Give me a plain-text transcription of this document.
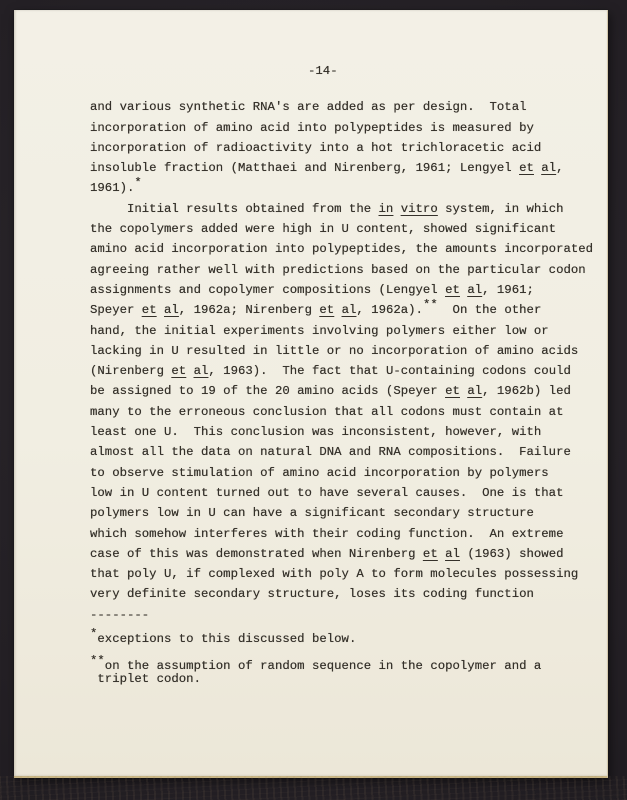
-14-
and various synthetic RNA's are added as per design.  Total
incorporation of amino acid into polypeptides is measured by
incorporation of radioactivity into a hot trichloracetic acid
insoluble fraction (Matthaei and Nirenberg, 1961; Lengyel et al,
1961).*
Initial results obtained from the in vitro system, in which
the copolymers added were high in U content, showed significant
amino acid incorporation into polypeptides, the amounts incorporated
agreeing rather well with predictions based on the particular codon
assignments and copolymer compositions (Lengyel et al, 1961;
Speyer et al, 1962a; Nirenberg et al, 1962a).**  On the other
hand, the initial experiments involving polymers either low or
lacking in U resulted in little or no incorporation of amino acids
(Nirenberg et al, 1963).  The fact that U-containing codons could
be assigned to 19 of the 20 amino acids (Speyer et al, 1962b) led
many to the erroneous conclusion that all codons must contain at
least one U.  This conclusion was inconsistent, however, with
almost all the data on natural DNA and RNA compositions.  Failure
to observe stimulation of amino acid incorporation by polymers
low in U content turned out to have several causes.  One is that
polymers low in U can have a significant secondary structure
which somehow interferes with their coding function.  An extreme
case of this was demonstrated when Nirenberg et al (1963) showed
that poly U, if complexed with poly A to form molecules possessing
very definite secondary structure, loses its coding function
--------
*exceptions to this discussed below.
**on the assumption of random sequence in the copolymer and a
triplet codon.
